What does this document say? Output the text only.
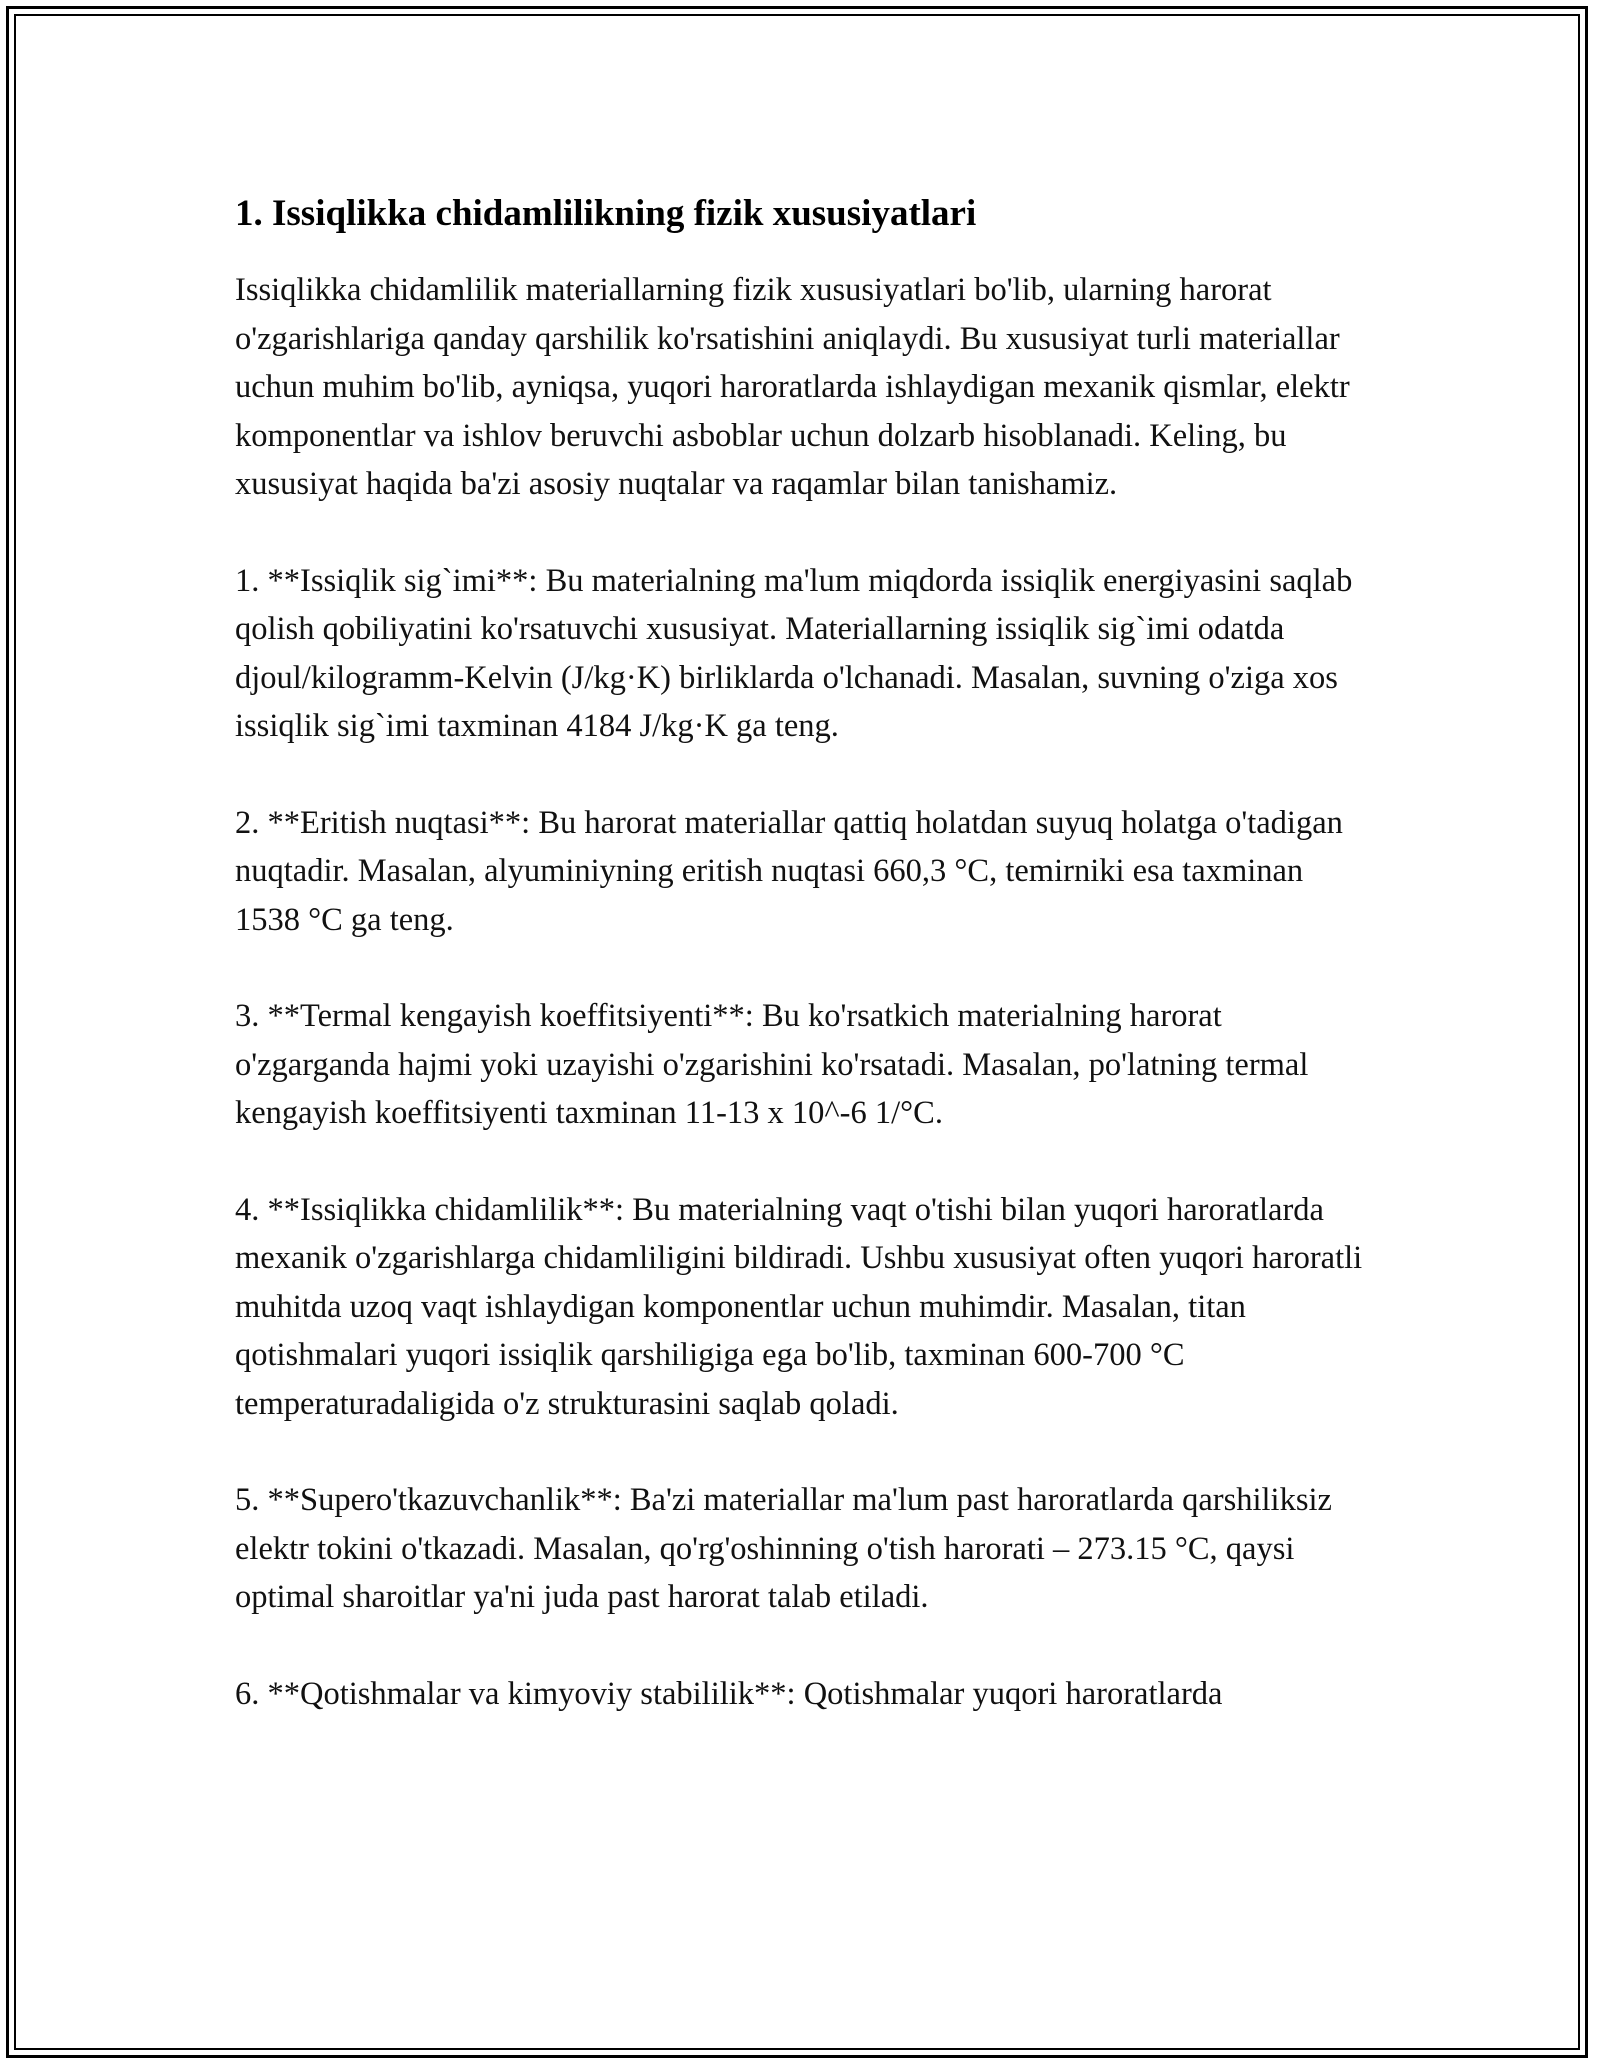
1. Issiqlikka chidamlilikning fizik xususiyatlari

Issiqlikka chidamlilik materiallarning fizik xususiyatlari bo'lib, ularning harorat o'zgarishlariga qanday qarshilik ko'rsatishini aniqlaydi. Bu xususiyat turli materiallar uchun muhim bo'lib, ayniqsa, yuqori haroratlarda ishlaydigan mexanik qismlar, elektr komponentlar va ishlov beruvchi asboblar uchun dolzarb hisoblanadi. Keling, bu xususiyat haqida ba'zi asosiy nuqtalar va raqamlar bilan tanishamiz.

1. **Issiqlik sig`imi**: Bu materialning ma'lum miqdorda issiqlik energiyasini saqlab qolish qobiliyatini ko'rsatuvchi xususiyat. Materiallarning issiqlik sig`imi odatda djoul/kilogramm-Kelvin (J/kg·K) birliklarda o'lchanadi. Masalan, suvning o'ziga xos issiqlik sig`imi taxminan 4184 J/kg·K ga teng.

2. **Eritish nuqtasi**: Bu harorat materiallar qattiq holatdan suyuq holatga o'tadigan nuqtadir. Masalan, alyuminiyning eritish nuqtasi 660,3 °C, temirniki esa taxminan 1538 °C ga teng.

3. **Termal kengayish koeffitsiyenti**: Bu ko'rsatkich materialning harorat o'zgarganda hajmi yoki uzayishi o'zgarishini ko'rsatadi. Masalan, po'latning termal kengayish koeffitsiyenti taxminan 11-13 x 10^-6 1/°C.

4. **Issiqlikka chidamlilik**: Bu materialning vaqt o'tishi bilan yuqori haroratlarda mexanik o'zgarishlarga chidamliligini bildiradi. Ushbu xususiyat often yuqori haroratli muhitda uzoq vaqt ishlaydigan komponentlar uchun muhimdir. Masalan, titan qotishmalari yuqori issiqlik qarshiligiga ega bo'lib, taxminan 600-700 °C temperaturadaligida o'z strukturasini saqlab qoladi.

5. **Supero'tkazuvchanlik**: Ba'zi materiallar ma'lum past haroratlarda qarshiliksiz elektr tokini o'tkazadi. Masalan, qo'rg'oshinning o'tish harorati – 273.15 °C, qaysi optimal sharoitlar ya'ni juda past harorat talab etiladi.

6. **Qotishmalar va kimyoviy stabililik**: Qotishmalar yuqori haroratlarda
